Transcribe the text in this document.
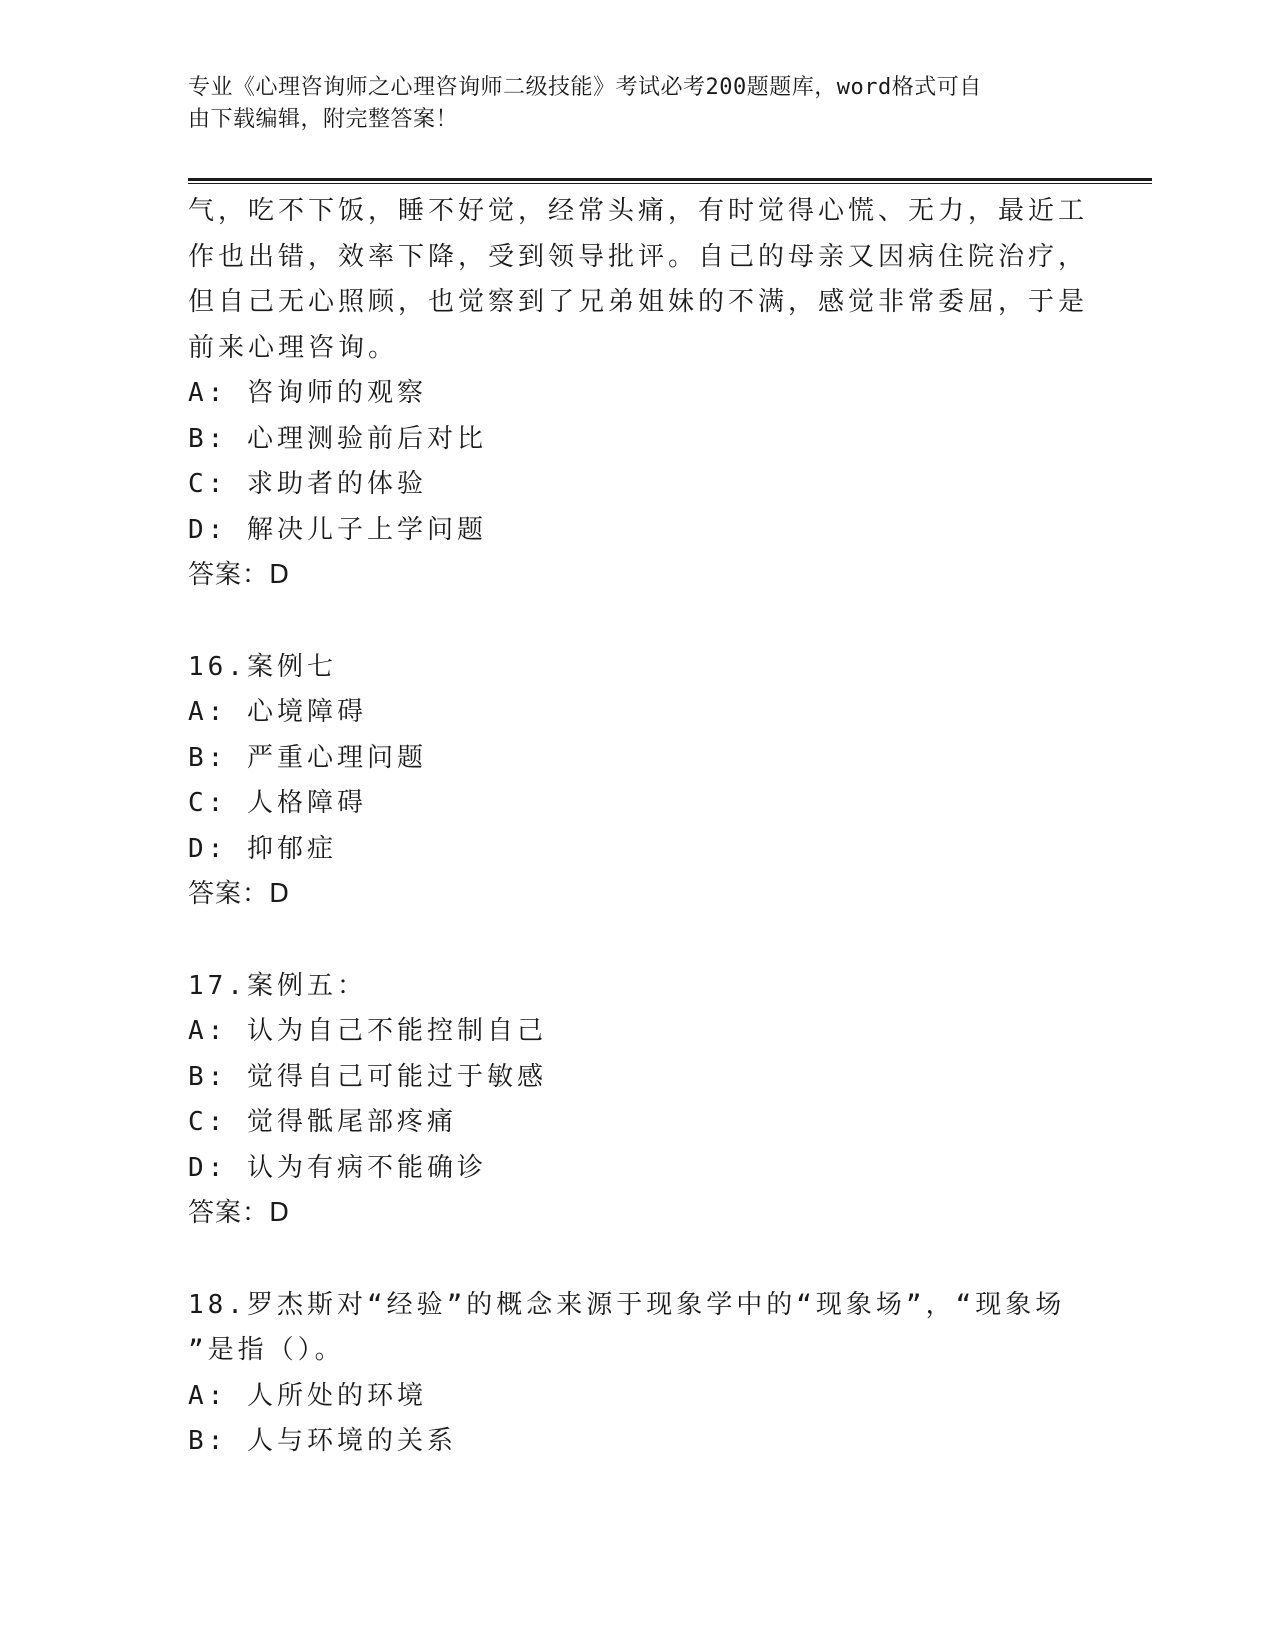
专业《心理咨询师之心理咨询师二级技能》考试必考200题题库，word格式可自
由下载编辑，附完整答案！
气，吃不下饭，睡不好觉，经常头痛，有时觉得心慌、无力，最近工
作也出错，效率下降，受到领导批评。自己的母亲又因病住院治疗，
但自己无心照顾，也觉察到了兄弟姐妹的不满，感觉非常委屈，于是
前来心理咨询。
A: 咨询师的观察
B: 心理测验前后对比
C: 求助者的体验
D: 解决儿子上学问题
答案：D
16.案例七
A: 心境障碍
B: 严重心理问题
C: 人格障碍
D: 抑郁症
答案：D
17.案例五：
A: 认为自己不能控制自己
B: 觉得自己可能过于敏感
C: 觉得骶尾部疼痛
D: 认为有病不能确诊
答案：D
18.罗杰斯对“经验”的概念来源于现象学中的“现象场”，“现象场
”是指（）。
A: 人所处的环境
B: 人与环境的关系
